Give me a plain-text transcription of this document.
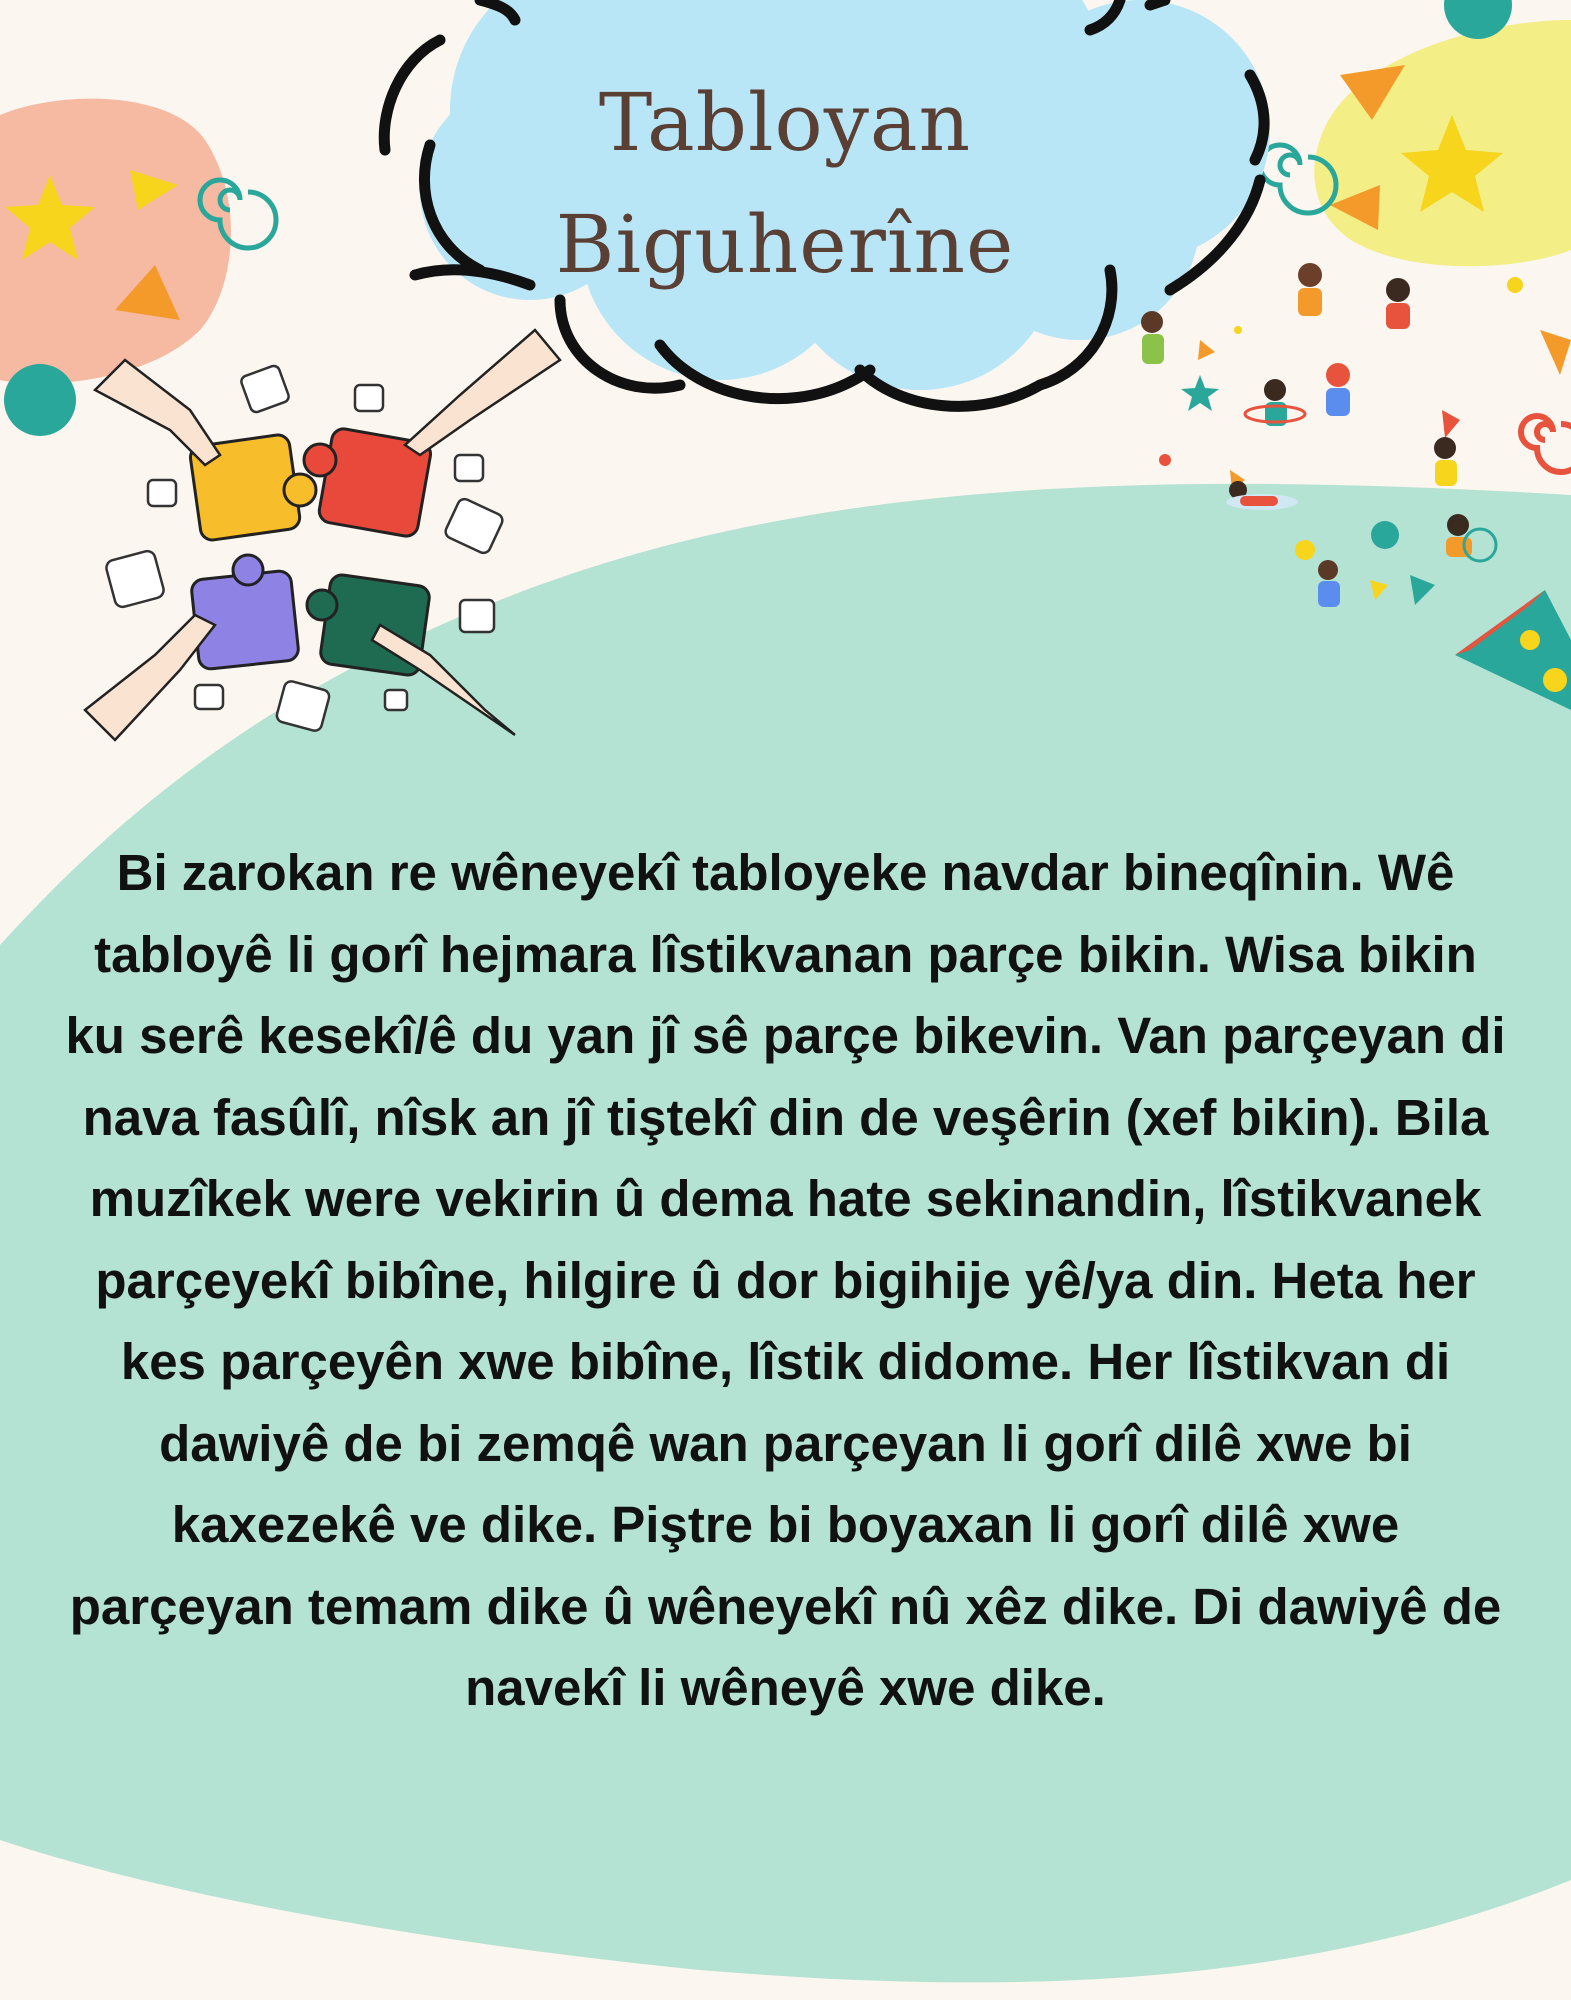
Tabloyan
Biguherîne

Bi zarokan re wêneyekî tabloyeke navdar bineqînin. Wê tabloyê li gorî hejmara lîstikvanan parçe bikin. Wisa bikin ku serê kesekî/ê du yan jî sê parçe bikevin. Van parçeyan di nava fasûlî, nîsk an jî tiştekî din de veşêrin (xef bikin). Bila muzîkek were vekirin û dema hate sekinandin, lîstikvanek parçeyekî bibîne, hilgire û dor bigihije yê/ya din. Heta her kes parçeyên xwe bibîne, lîstik didome. Her lîstikvan di dawiyê de bi zemqê wan parçeyan li gorî dilê xwe bi kaxezekê ve dike. Piştre bi boyaxan li gorî dilê xwe parçeyan temam dike û wêneyekî nû xêz dike. Di dawiyê de navekî li wêneyê xwe dike.
